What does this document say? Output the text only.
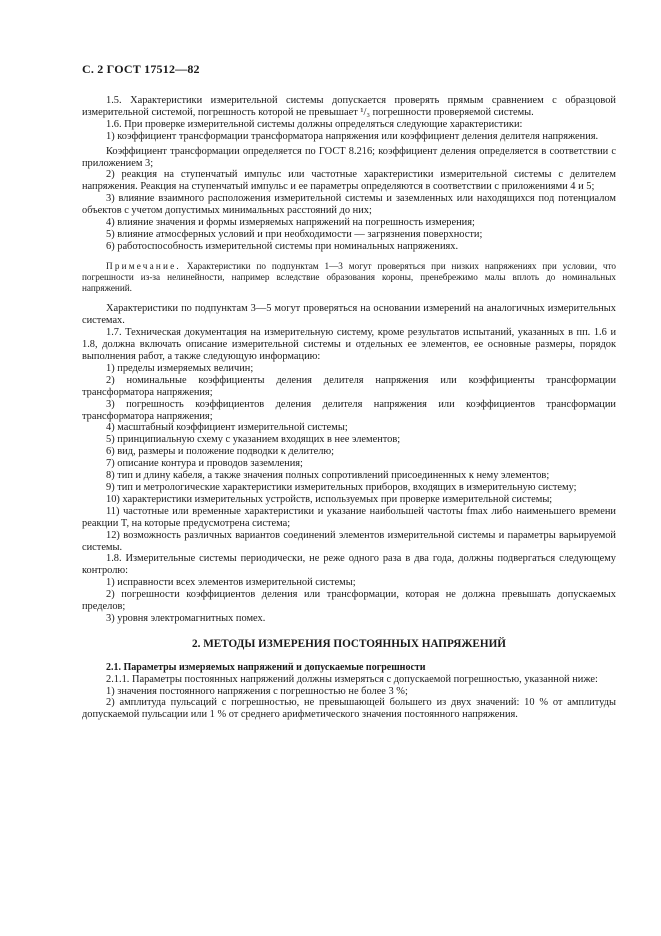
С. 2 ГОСТ 17512—82

1.5. Характеристики измерительной системы допускается проверять прямым сравнением с образцовой измерительной системой, погрешность которой не превышает ¹/₃ погрешности проверяемой системы.

1.6. При проверке измерительной системы должны определяться следующие характеристики:

1) коэффициент трансформации трансформатора напряжения или коэффициент деления делителя напряжения.

Коэффициент трансформации определяется по ГОСТ 8.216; коэффициент деления определяется в соответствии с приложением 3;

2) реакция на ступенчатый импульс или частотные характеристики измерительной системы с делителем напряжения. Реакция на ступенчатый импульс и ее параметры определяются в соответствии с приложениями 4 и 5;

3) влияние взаимного расположения измерительной системы и заземленных или находящихся под потенциалом объектов с учетом допустимых минимальных расстояний до них;

4) влияние значения и формы измеряемых напряжений на погрешность измерения;

5) влияние атмосферных условий и при необходимости — загрязнения поверхности;

6) работоспособность измерительной системы при номинальных напряжениях.

Примечание. Характеристики по подпунктам 1—3 могут проверяться при низких напряжениях при условии, что погрешности из-за нелинейности, например вследствие образования короны, пренебрежимо малы вплоть до номинальных напряжений.

Характеристики по подпунктам 3—5 могут проверяться на основании измерений на аналогичных измерительных системах.

1.7. Техническая документация на измерительную систему, кроме результатов испытаний, указанных в пп. 1.6 и 1.8, должна включать описание измерительной системы и отдельных ее элементов, ее основные размеры, порядок выполнения работ, а также следующую информацию:

1) пределы измеряемых величин;

2) номинальные коэффициенты деления делителя напряжения или коэффициенты трансформации трансформатора напряжения;

3) погрешность коэффициентов деления делителя напряжения или коэффициентов трансформации трансформатора напряжения;

4) масштабный коэффициент измерительной системы;

5) принципиальную схему с указанием входящих в нее элементов;

6) вид, размеры и положение подводки к делителю;

7) описание контура и проводов заземления;

8) тип и длину кабеля, а также значения полных сопротивлений присоединенных к нему элементов;

9) тип и метрологические характеристики измерительных приборов, входящих в измерительную систему;

10) характеристики измерительных устройств, используемых при проверке измерительной системы;

11) частотные или временные характеристики и указание наибольшей частоты fmax либо наименьшего времени реакции T, на которые предусмотрена система;

12) возможность различных вариантов соединений элементов измерительной системы и параметры варьируемой системы.

1.8. Измерительные системы периодически, не реже одного раза в два года, должны подвергаться следующему контролю:

1) исправности всех элементов измерительной системы;

2) погрешности коэффициентов деления или трансформации, которая не должна превышать допускаемых пределов;

3) уровня электромагнитных помех.

2. МЕТОДЫ ИЗМЕРЕНИЯ ПОСТОЯННЫХ НАПРЯЖЕНИЙ

2.1. Параметры измеряемых напряжений и допускаемые погрешности

2.1.1. Параметры постоянных напряжений должны измеряться с допускаемой погрешностью, указанной ниже:

1) значения постоянного напряжения с погрешностью не более 3 %;

2) амплитуда пульсаций с погрешностью, не превышающей большего из двух значений: 10 % от амплитуды допускаемой пульсации или 1 % от среднего арифметического значения постоянного напряжения.
